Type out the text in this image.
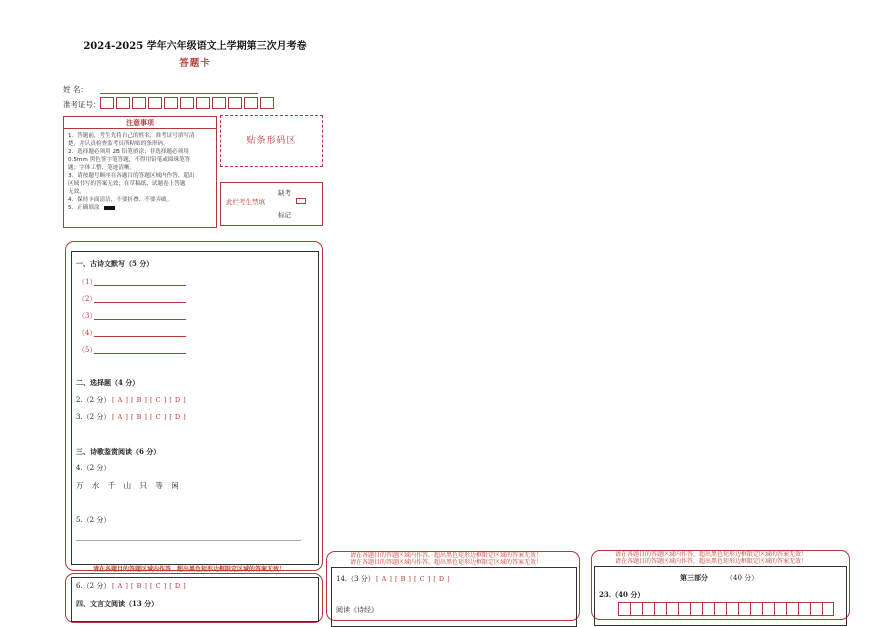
2024-2025 学年六年级语文上学期第三次月考卷
答题卡
姓 名：
准考证号：
注意事项
1．答题前，考生先将自己的姓名，准考证号填写清
楚，并认真检查监考员所粘贴的条形码。
2．选择题必须用 2B 铅笔填涂；非选择题必须用
0.5mm 黑色签字笔答题，不得用铅笔或圆珠笔答
题；字体工整、笔迹清晰。
3．请按题号顺序在各题目的答题区域内作答，超出
区域书写的答案无效；在草稿纸、试题卷上答题
无效。
4．保持卡面清洁，不要折叠、不要弄破。
5．正确填涂
贴条形码区
此栏考生禁填
缺考
标记
一、古诗文默写（5 分）
（1）
（2）
（3）
（4）
（5）
二、选择题（4 分）
2.（2 分） [ A ] [ B ] [ C ] [ D ]
3.（2 分） [ A ] [ B ] [ C ] [ D ]
三、诗歌鉴赏阅读（6 分）
4.（2 分）
万 水 千 山 只 等 闲
5.（2 分）
请在各题目的答题区域内作答，超出黑色矩形边框限定区域的答案无效！
6.（2 分） [ A ] [ B ] [ C ] [ D ]
四、文言文阅读（13 分）
请在各题目的答题区域内作答，超出黑色矩形边框限定区域的答案无效！
请在各题目的答题区域内作答，超出黑色矩形边框限定区域的答案无效！
14.（3 分） [ A ] [ B ] [ C ] [ D ]
阅读《诗经》
请在各题目的答题区域内作答，超出黑色矩形边框限定区域的答案无效！
请在各题目的答题区域内作答，超出黑色矩形边框限定区域的答案无效！
第三部分	（40 分）
23.（40 分）
